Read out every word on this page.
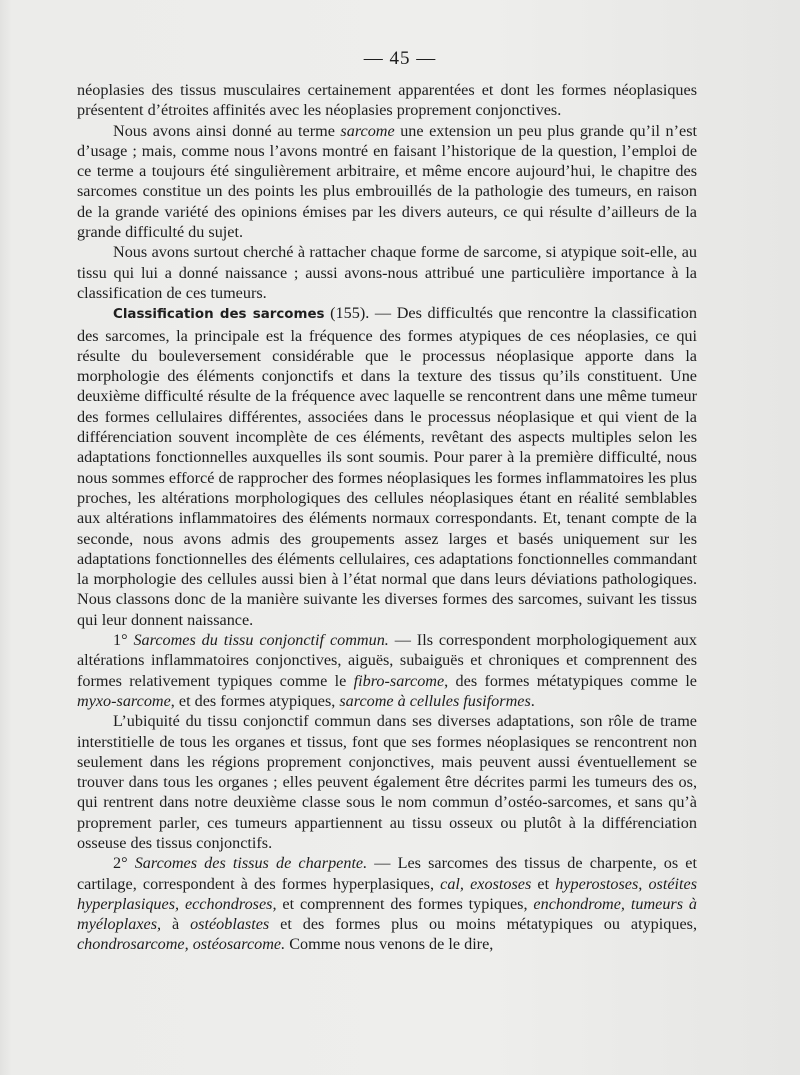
— 45 —

néoplasies des tissus musculaires certainement apparentées et dont les formes néoplasiques présentent d’étroites affinités avec les néoplasies proprement conjonctives.

Nous avons ainsi donné au terme sarcome une extension un peu plus grande qu’il n’est d’usage ; mais, comme nous l’avons montré en faisant l’historique de la question, l’emploi de ce terme a toujours été singulièrement arbitraire, et même encore aujourd’hui, le chapitre des sarcomes constitue un des points les plus embrouillés de la pathologie des tumeurs, en raison de la grande variété des opinions émises par les divers auteurs, ce qui résulte d’ailleurs de la grande difficulté du sujet.

Nous avons surtout cherché à rattacher chaque forme de sarcome, si atypique soit-elle, au tissu qui lui a donné naissance ; aussi avons-nous attribué une particulière importance à la classification de ces tumeurs.

Classification des sarcomes (155). — Des difficultés que rencontre la classification des sarcomes, la principale est la fréquence des formes atypiques de ces néoplasies, ce qui résulte du bouleversement considérable que le processus néoplasique apporte dans la morphologie des éléments conjonctifs et dans la texture des tissus qu’ils constituent. Une deuxième difficulté résulte de la fréquence avec laquelle se rencontrent dans une même tumeur des formes cellulaires différentes, associées dans le processus néoplasique et qui vient de la différenciation souvent incomplète de ces éléments, revêtant des aspects multiples selon les adaptations fonctionnelles auxquelles ils sont soumis. Pour parer à la première difficulté, nous nous sommes efforcé de rapprocher des formes néoplasiques les formes inflammatoires les plus proches, les altérations morphologiques des cellules néoplasiques étant en réalité semblables aux altérations inflammatoires des éléments normaux correspondants. Et, tenant compte de la seconde, nous avons admis des groupements assez larges et basés uniquement sur les adaptations fonctionnelles des éléments cellulaires, ces adaptations fonctionnelles commandant la morphologie des cellules aussi bien à l’état normal que dans leurs déviations pathologiques. Nous classons donc de la manière suivante les diverses formes des sarcomes, suivant les tissus qui leur donnent naissance.

1° Sarcomes du tissu conjonctif commun. — Ils correspondent morphologiquement aux altérations inflammatoires conjonctives, aiguës, subaiguës et chroniques et comprennent des formes relativement typiques comme le fibro-sarcome, des formes métatypiques comme le myxo-sarcome, et des formes atypiques, sarcome à cellules fusiformes.

L’ubiquité du tissu conjonctif commun dans ses diverses adaptations, son rôle de trame interstitielle de tous les organes et tissus, font que ses formes néoplasiques se rencontrent non seulement dans les régions proprement conjonctives, mais peuvent aussi éventuellement se trouver dans tous les organes ; elles peuvent également être décrites parmi les tumeurs des os, qui rentrent dans notre deuxième classe sous le nom commun d’ostéo-sarcomes, et sans qu’à proprement parler, ces tumeurs appartiennent au tissu osseux ou plutôt à la différenciation osseuse des tissus conjonctifs.

2° Sarcomes des tissus de charpente. — Les sarcomes des tissus de charpente, os et cartilage, correspondent à des formes hyperplasiques, cal, exostoses et hyperostoses, ostéites hyperplasiques, ecchondroses, et comprennent des formes typiques, enchondrome, tumeurs à myéloplaxes, à ostéoblastes et des formes plus ou moins métatypiques ou atypiques, chondrosarcome, ostéosarcome. Comme nous venons de le dire,
